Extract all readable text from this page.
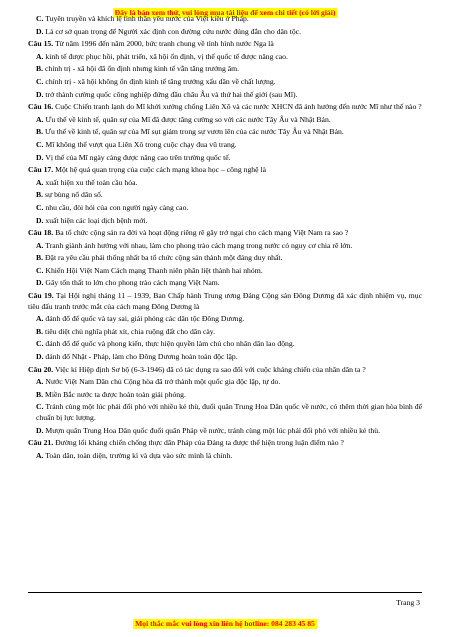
Đây là bản xem thử, vui lòng mua tài liệu để xem chi tiết (có lời giải)

C. Tuyên truyền và khích lệ tinh thần yêu nước của Việt kiều ở Pháp.

D. Là cơ sở quan trọng để Người xác định con đường cứu nước đúng đắn cho dân tộc.

Câu 15. Từ năm 1996 đến năm 2000, bức tranh chung về tình hình nước Nga là

A. kinh tế được phục hồi, phát triển, xã hội ổn định, vị thế quốc tế được nâng cao.

B. chính trị - xã hội đã ổn định nhưng kinh tế vẫn tăng trưởng âm.

C. chính trị - xã hội không ổn định kinh tế tăng trưởng xấu dần về chất lượng.

D. trở thành cường quốc công nghiệp đứng đầu châu Âu và thứ hai thế giới (sau Mĩ).

Câu 16. Cuộc Chiến tranh lạnh do Mĩ khởi xướng chống Liên Xô và các nước XHCN đã ảnh hưởng đến nước Mĩ như thế nào ?

A. Ưu thế về kinh tế, quân sự của Mĩ đã được tăng cường so với các nước Tây Âu và Nhật Bản.

B. Ưu thế về kinh tế, quân sự của Mĩ sụt giảm trong sự vươn lên của các nước Tây Âu và Nhật Bản.

C. Mĩ không thể vượt qua Liên Xô trong cuộc chạy đua vũ trang.

D. Vị thế của Mĩ ngày càng được nâng cao trên trường quốc tế.

Câu 17. Một hệ quả quan trọng của cuộc cách mạng khoa học – công nghệ là

A. xuất hiện xu thế toàn cầu hóa.

B. sự bùng nổ dân số.

C. nhu cầu, đòi hỏi của con người ngày càng cao.

D. xuất hiện các loại dịch bệnh mới.

Câu 18. Ba tổ chức cộng sản ra đời và hoạt động riêng rẽ gây trở ngại cho cách mạng Việt Nam ra sao ?

A. Tranh giành ảnh hưởng với nhau, làm cho phong trào cách mạng trong nước có nguy cơ chia rẽ lớn.

B. Đặt ra yêu cầu phải thống nhất ba tổ chức cộng sản thành một đảng duy nhất.

C. Khiến Hội Việt Nam Cách mạng Thanh niên phân liệt thành hai nhóm.

D. Gây tổn thất to lớn cho phong trào cách mạng Việt Nam.

Câu 19. Tại Hội nghị tháng 11 – 1939, Ban Chấp hành Trung ương Đảng Cộng sản Đông Dương đã xác định nhiệm vụ, mục tiêu đấu tranh trước mắt của cách mạng Đông Dương là

A. đánh đổ đế quốc và tay sai, giải phóng các dân tộc Đông Dương.

B. tiêu diệt chủ nghĩa phát xít, chia ruộng đất cho dân cày.

C. đánh đổ đế quốc và phong kiến, thực hiện quyền làm chủ cho nhân dân lao động.

D. đánh đổ Nhật - Pháp, làm cho Đông Dương hoàn toàn độc lập.

Câu 20. Việc kí Hiệp định Sơ bộ (6-3-1946) đã có tác dụng ra sao đối với cuộc kháng chiến của nhân dân ta ?

A. Nước Việt Nam Dân chủ Cộng hòa đã trở thành một quốc gia độc lập, tự do.

B. Miền Bắc nước ta được hoàn toàn giải phóng.

C. Tránh cùng một lúc phải đối phó với nhiều kẻ thù, đuổi quân Trung Hoa Dân quốc về nước, có thêm thời gian hòa bình để chuẩn bị lực lượng.

D. Mượn quân Trung Hoa Dân quốc đuổi quân Pháp về nước, tránh cùng một lúc phải đối phó với nhiều kẻ thù.

Câu 21. Đường lối kháng chiến chống thực dân Pháp của Đảng ta được thể hiện trong luận điểm nào ?

A. Toàn dân, toàn diện, trường kì và dựa vào sức mình là chính.

Trang 3
Mọi thắc mắc vui lòng xin liên hệ hotline: 084 283 45 85
